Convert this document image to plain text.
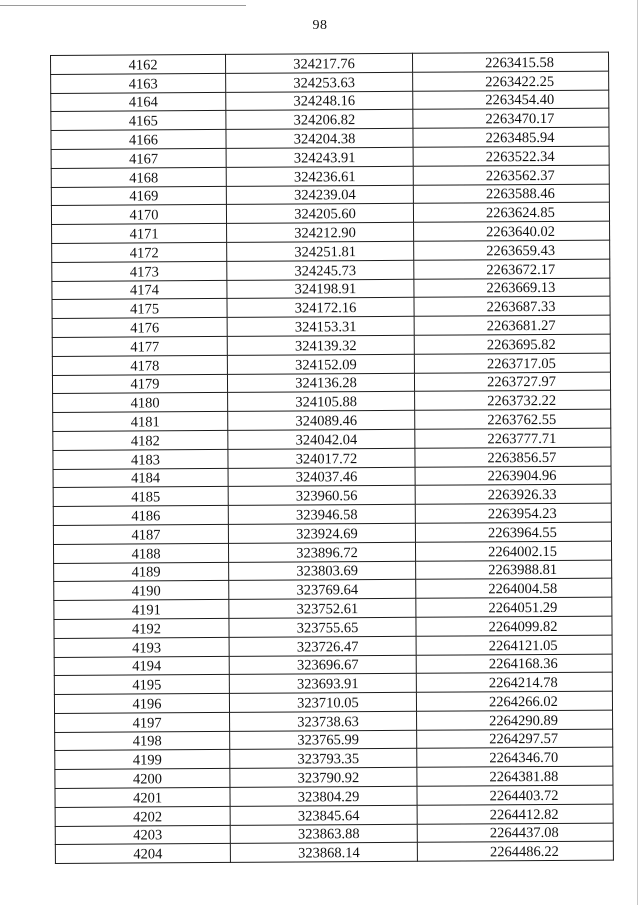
98
4162	324217.76	2263415.58
4163	324253.63	2263422.25
4164	324248.16	2263454.40
4165	324206.82	2263470.17
4166	324204.38	2263485.94
4167	324243.91	2263522.34
4168	324236.61	2263562.37
4169	324239.04	2263588.46
4170	324205.60	2263624.85
4171	324212.90	2263640.02
4172	324251.81	2263659.43
4173	324245.73	2263672.17
4174	324198.91	2263669.13
4175	324172.16	2263687.33
4176	324153.31	2263681.27
4177	324139.32	2263695.82
4178	324152.09	2263717.05
4179	324136.28	2263727.97
4180	324105.88	2263732.22
4181	324089.46	2263762.55
4182	324042.04	2263777.71
4183	324017.72	2263856.57
4184	324037.46	2263904.96
4185	323960.56	2263926.33
4186	323946.58	2263954.23
4187	323924.69	2263964.55
4188	323896.72	2264002.15
4189	323803.69	2263988.81
4190	323769.64	2264004.58
4191	323752.61	2264051.29
4192	323755.65	2264099.82
4193	323726.47	2264121.05
4194	323696.67	2264168.36
4195	323693.91	2264214.78
4196	323710.05	2264266.02
4197	323738.63	2264290.89
4198	323765.99	2264297.57
4199	323793.35	2264346.70
4200	323790.92	2264381.88
4201	323804.29	2264403.72
4202	323845.64	2264412.82
4203	323863.88	2264437.08
4204	323868.14	2264486.22
